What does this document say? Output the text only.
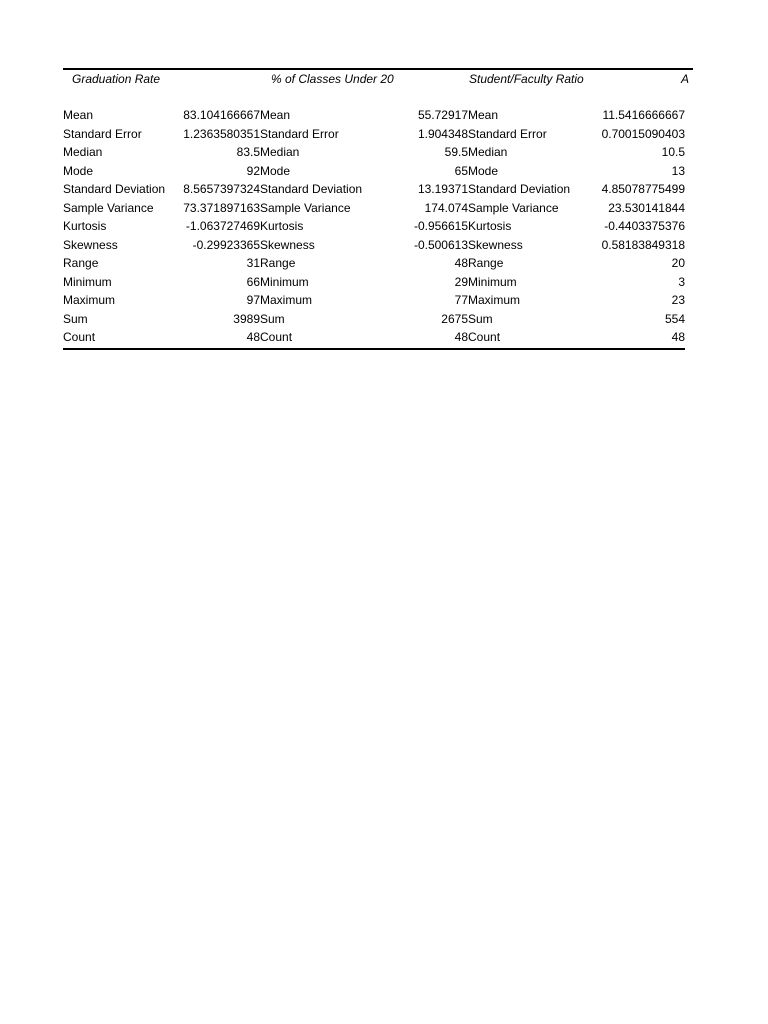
Graduation Rate	% of Classes Under 20	Student/Faculty Ratio	A
Mean	83.104166667 Mean	55.72917 Mean	11.5416666667
Standard Error	1.2363580351 Standard Error	1.904348 Standard Error	0.70015090403
Median	83.5 Median	59.5 Median	10.5
Mode	92 Mode	65 Mode	13
Standard Deviation	8.5657397324 Standard Deviation	13.19371 Standard Deviation	4.85078775499
Sample Variance	73.371897163 Sample Variance	174.074 Sample Variance	23.530141844
Kurtosis	-1.063727469 Kurtosis	-0.956615 Kurtosis	-0.4403375376
Skewness	-0.29923365 Skewness	-0.500613 Skewness	0.58183849318
Range	31 Range	48 Range	20
Minimum	66 Minimum	29 Minimum	3
Maximum	97 Maximum	77 Maximum	23
Sum	3989 Sum	2675 Sum	554
Count	48 Count	48 Count	48
